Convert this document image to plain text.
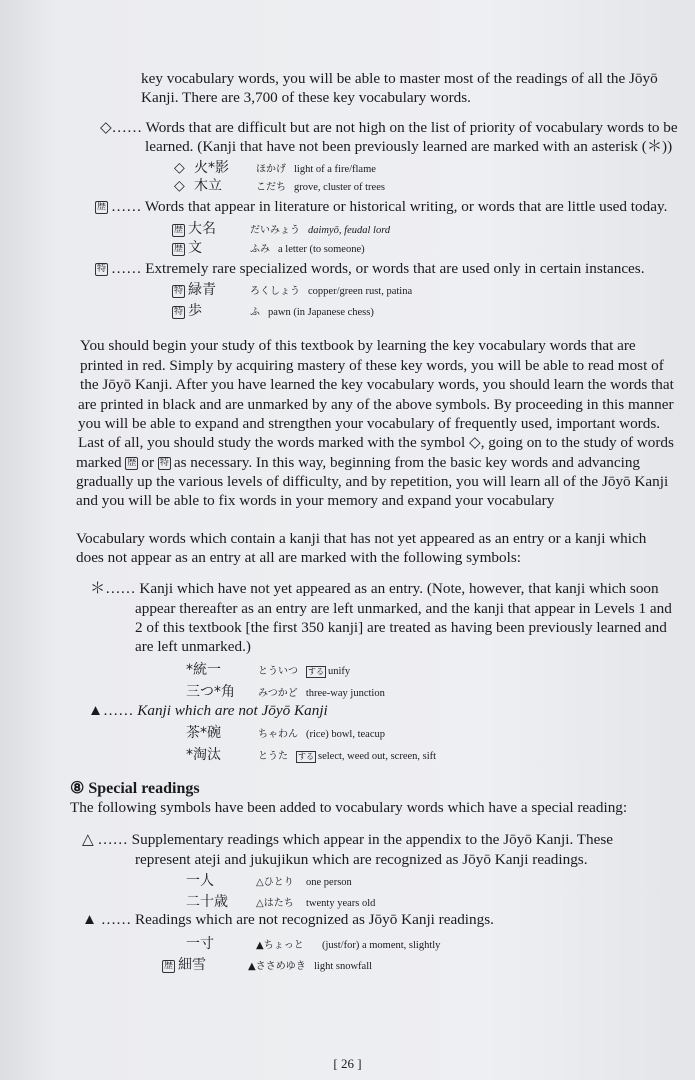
key vocabulary words, you will be able to master most of the readings of all the Jōyō
Kanji. There are 3,700 of these key vocabulary words.
◇…… Words that are difficult but are not high on the list of priority of vocabulary words to be
learned. (Kanji that have not been previously learned are marked with an asterisk (＊))
◇ 火*影	ほかげ light of a fire/flame
◇ 木立	こだち grove, cluster of trees
歴 …… Words that appear in literature or historical writing, or words that are little used today.
歴 大名	だいみょう daimyō, feudal lord
歴 文	ふみ a letter (to someone)
特 …… Extremely rare specialized words, or words that are used only in certain instances.
特 緑青	ろくしょう copper/green rust, patina
特 歩	ふ pawn (in Japanese chess)
You should begin your study of this textbook by learning the key vocabulary words that are
printed in red. Simply by acquiring mastery of these key words, you will be able to read most of
the Jōyō Kanji. After you have learned the key vocabulary words, you should learn the words that
are printed in black and are unmarked by any of the above symbols. By proceeding in this manner
you will be able to expand and strengthen your vocabulary of frequently used, important words.
Last of all, you should study the words marked with the symbol ◇, going on to the study of words
marked 歴 or 特 as necessary. In this way, beginning from the basic key words and advancing
gradually up the various levels of difficulty, and by repetition, you will learn all of the Jōyō Kanji
and you will be able to fix words in your memory and expand your vocabulary
Vocabulary words which contain a kanji that has not yet appeared as an entry or a kanji which
does not appear as an entry at all are marked with the following symbols:
＊…… Kanji which have not yet appeared as an entry. (Note, however, that kanji which soon
appear thereafter as an entry are left unmarked, and the kanji that appear in Levels 1 and
2 of this textbook [the first 350 kanji] are treated as having been previously learned and
are left unmarked.)
*統一	とういつ する unify
三つ*角 みつかど three-way junction
▲…… Kanji which are not Jōyō Kanji
茶*碗	ちゃわん (rice) bowl, teacup
*淘汰	とうた する select, weed out, screen, sift
⑧ Special readings
The following symbols have been added to vocabulary words which have a special reading:
△ …… Supplementary readings which appear in the appendix to the Jōyō Kanji. These
represent ateji and jukujikun which are recognized as Jōyō Kanji readings.
一人	△ひとり one person
二十歳	△はたち twenty years old
▲ …… Readings which are not recognized as Jōyō Kanji readings.
一寸	▲ちょっと (just/for) a moment, slightly
歴 細雪	▲ささめゆき light snowfall
[ 26 ]
